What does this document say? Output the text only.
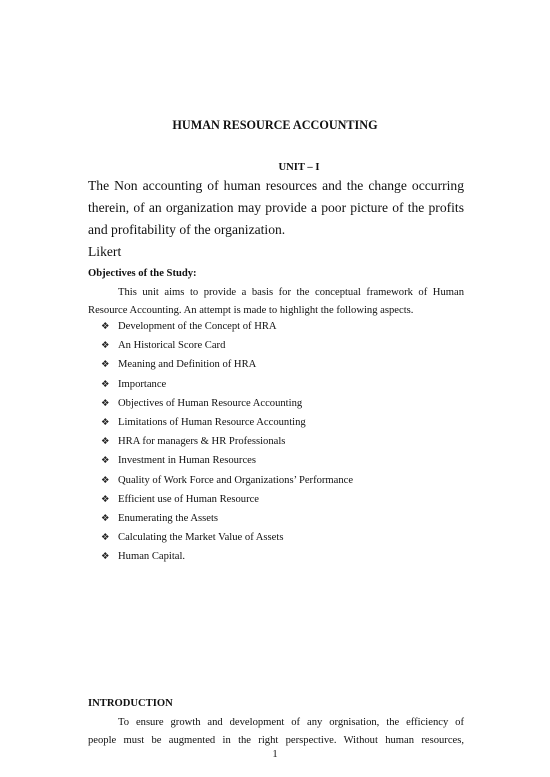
HUMAN RESOURCE ACCOUNTING
UNIT – I
The Non accounting of human resources and the change occurring
therein, of an organization may provide a poor picture of the profits
and profitability of the organization.
Likert
Objectives of the Study:
This unit aims to provide a basis for the conceptual framework of Human
Resource Accounting. An attempt is made to highlight the following aspects.
❖ Development of the Concept of HRA
❖ An Historical Score Card
❖ Meaning and Definition of HRA
❖ Importance
❖ Objectives of Human Resource Accounting
❖ Limitations of Human Resource Accounting
❖ HRA for managers & HR Professionals
❖ Investment in Human Resources
❖ Quality of Work Force and Organizations’ Performance
❖ Efficient use of Human Resource
❖ Enumerating the Assets
❖ Calculating the Market Value of Assets
❖ Human Capital.
INTRODUCTION
To ensure growth and development of any orgnisation, the efficiency of
people must be augmented in the right perspective. Without human resources,
1
